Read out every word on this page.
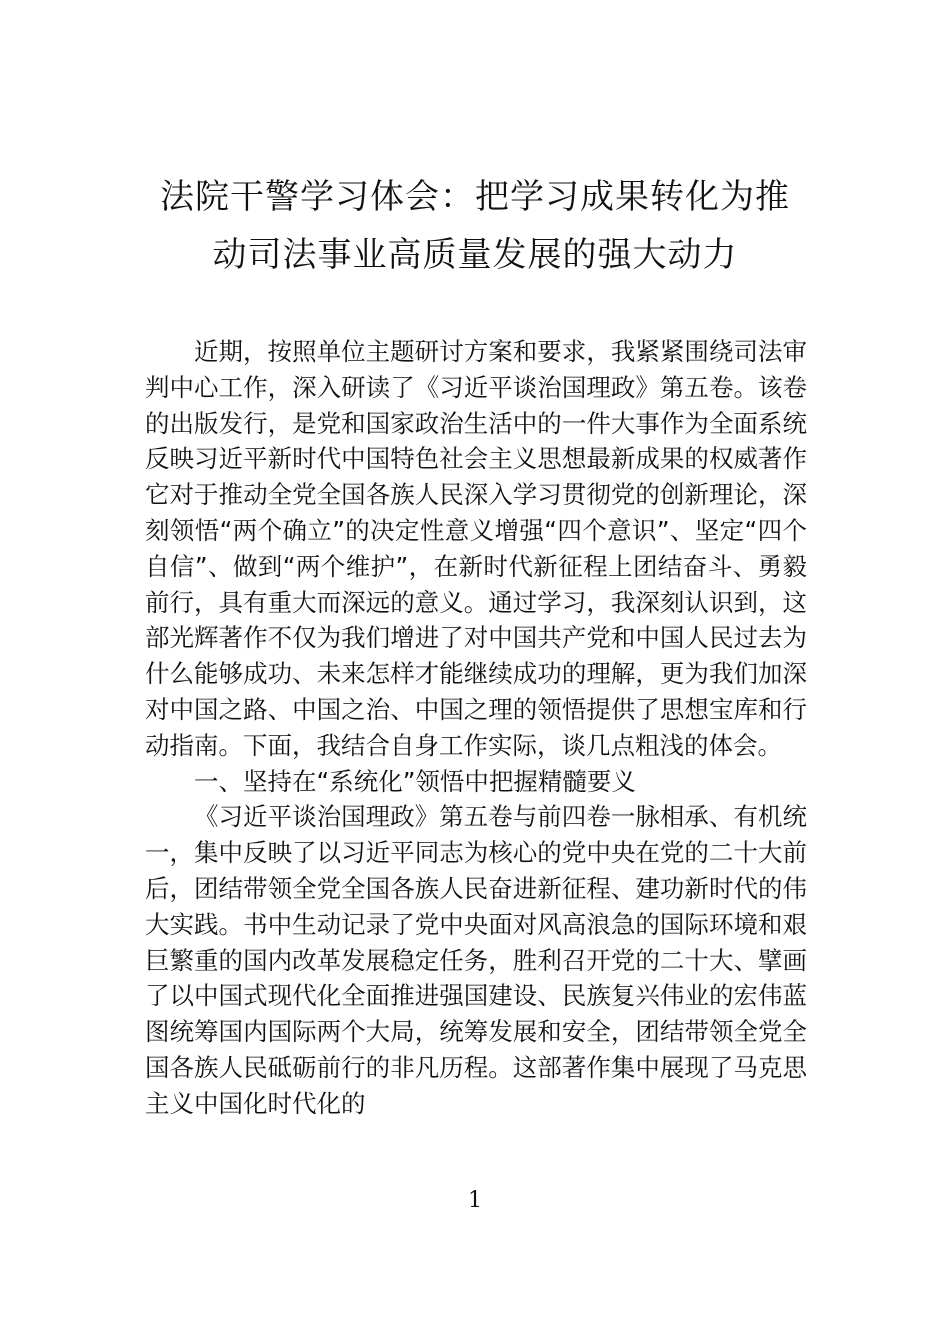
法院干警学习体会：把学习成果转化为推
动司法事业高质量发展的强大动力

近期，按照单位主题研讨方案和要求，我紧紧围绕司法审判中心工作，深入研读了《习近平谈治国理政》第五卷。该卷的出版发行，是党和国家政治生活中的一件大事作为全面系统反映习近平新时代中国特色社会主义思想最新成果的权威著作它对于推动全党全国各族人民深入学习贯彻党的创新理论，深刻领悟“两个确立”的决定性意义增强“四个意识”、坚定“四个自信”、做到“两个维护”，在新时代新征程上团结奋斗、勇毅前行，具有重大而深远的意义。通过学习，我深刻认识到，这部光辉著作不仅为我们增进了对中国共产党和中国人民过去为什么能够成功、未来怎样才能继续成功的理解，更为我们加深对中国之路、中国之治、中国之理的领悟提供了思想宝库和行动指南。下面，我结合自身工作实际，谈几点粗浅的体会。

一、坚持在“系统化”领悟中把握精髓要义

《习近平谈治国理政》第五卷与前四卷一脉相承、有机统一，集中反映了以习近平同志为核心的党中央在党的二十大前后，团结带领全党全国各族人民奋进新征程、建功新时代的伟大实践。书中生动记录了党中央面对风高浪急的国际环境和艰巨繁重的国内改革发展稳定任务，胜利召开党的二十大、擘画了以中国式现代化全面推进强国建设、民族复兴伟业的宏伟蓝图统筹国内国际两个大局，统筹发展和安全，团结带领全党全国各族人民砥砺前行的非凡历程。这部著作集中展现了马克思主义中国化时代化的

1
